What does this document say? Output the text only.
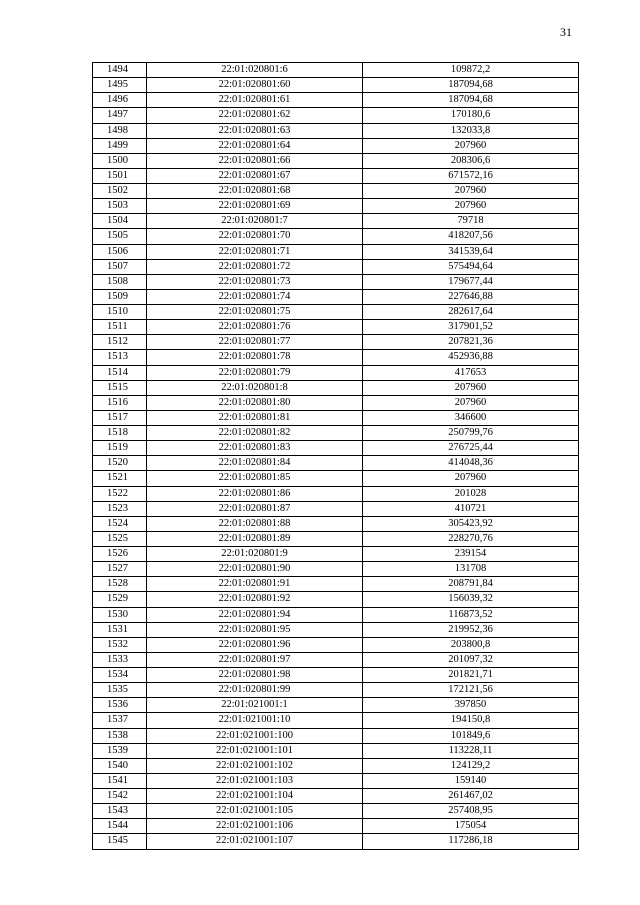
31
1494	22:01:020801:6	109872,2
1495	22:01:020801:60	187094,68
1496	22:01:020801:61	187094,68
1497	22:01:020801:62	170180,6
1498	22:01:020801:63	132033,8
1499	22:01:020801:64	207960
1500	22:01:020801:66	208306,6
1501	22:01:020801:67	671572,16
1502	22:01:020801:68	207960
1503	22:01:020801:69	207960
1504	22:01:020801:7	79718
1505	22:01:020801:70	418207,56
1506	22:01:020801:71	341539,64
1507	22:01:020801:72	575494,64
1508	22:01:020801:73	179677,44
1509	22:01:020801:74	227646,88
1510	22:01:020801:75	282617,64
1511	22:01:020801:76	317901,52
1512	22:01:020801:77	207821,36
1513	22:01:020801:78	452936,88
1514	22:01:020801:79	417653
1515	22:01:020801:8	207960
1516	22:01:020801:80	207960
1517	22:01:020801:81	346600
1518	22:01:020801:82	250799,76
1519	22:01:020801:83	276725,44
1520	22:01:020801:84	414048,36
1521	22:01:020801:85	207960
1522	22:01:020801:86	201028
1523	22:01:020801:87	410721
1524	22:01:020801:88	305423,92
1525	22:01:020801:89	228270,76
1526	22:01:020801:9	239154
1527	22:01:020801:90	131708
1528	22:01:020801:91	208791,84
1529	22:01:020801:92	156039,32
1530	22:01:020801:94	116873,52
1531	22:01:020801:95	219952,36
1532	22:01:020801:96	203800,8
1533	22:01:020801:97	201097,32
1534	22:01:020801:98	201821,71
1535	22:01:020801:99	172121,56
1536	22:01:021001:1	397850
1537	22:01:021001:10	194150,8
1538	22:01:021001:100	101849,6
1539	22:01:021001:101	113228,11
1540	22:01:021001:102	124129,2
1541	22:01:021001:103	159140
1542	22:01:021001:104	261467,02
1543	22:01:021001:105	257408,95
1544	22:01:021001:106	175054
1545	22:01:021001:107	117286,18
